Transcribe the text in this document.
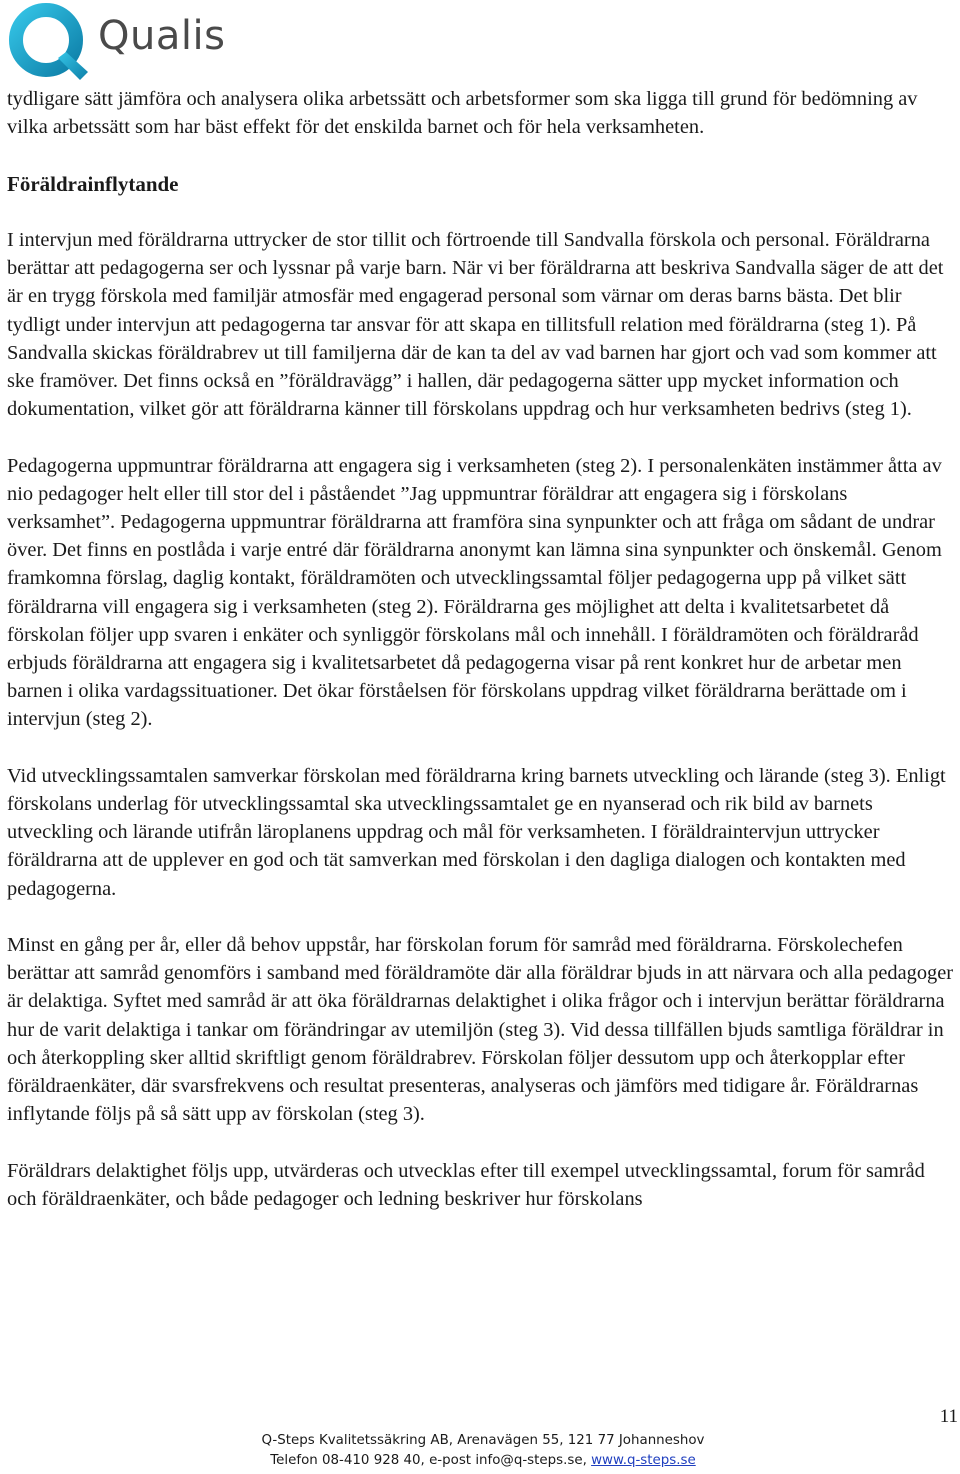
Qualis

tydligare sätt jämföra och analysera olika arbetssätt och arbetsformer som ska ligga till grund för bedömning av vilka arbetssätt som har bäst effekt för det enskilda barnet och för hela verksamheten.

Föräldrainflytande

I intervjun med föräldrarna uttrycker de stor tillit och förtroende till Sandvalla förskola och personal. Föräldrarna berättar att pedagogerna ser och lyssnar på varje barn. När vi ber föräldrarna att beskriva Sandvalla säger de att det är en trygg förskola med familjär atmosfär med engagerad personal som värnar om deras barns bästa. Det blir tydligt under intervjun att pedagogerna tar ansvar för att skapa en tillitsfull relation med föräldrarna (steg 1). På Sandvalla skickas föräldrabrev ut till familjerna där de kan ta del av vad barnen har gjort och vad som kommer att ske framöver. Det finns också en ”föräldravägg” i hallen, där pedagogerna sätter upp mycket information och dokumentation, vilket gör att föräldrarna känner till förskolans uppdrag och hur verksamheten bedrivs (steg 1).

Pedagogerna uppmuntrar föräldrarna att engagera sig i verksamheten (steg 2). I personalenkäten instämmer åtta av nio pedagoger helt eller till stor del i påståendet ”Jag uppmuntrar föräldrar att engagera sig i förskolans verksamhet”. Pedagogerna uppmuntrar föräldrarna att framföra sina synpunkter och att fråga om sådant de undrar över. Det finns en postlåda i varje entré där föräldrarna anonymt kan lämna sina synpunkter och önskemål. Genom framkomna förslag, daglig kontakt, föräldramöten och utvecklingssamtal följer pedagogerna upp på vilket sätt föräldrarna vill engagera sig i verksamheten (steg 2). Föräldrarna ges möjlighet att delta i kvalitetsarbetet då förskolan följer upp svaren i enkäter och synliggör förskolans mål och innehåll. I föräldramöten och föräldraråd erbjuds föräldrarna att engagera sig i kvalitetsarbetet då pedagogerna visar på rent konkret hur de arbetar men barnen i olika vardagssituationer. Det ökar förståelsen för förskolans uppdrag vilket föräldrarna berättade om i intervjun (steg 2).

Vid utvecklingssamtalen samverkar förskolan med föräldrarna kring barnets utveckling och lärande (steg 3). Enligt förskolans underlag för utvecklingssamtal ska utvecklingssamtalet ge en nyanserad och rik bild av barnets utveckling och lärande utifrån läroplanens uppdrag och mål för verksamheten. I föräldraintervjun uttrycker föräldrarna att de upplever en god och tät samverkan med förskolan i den dagliga dialogen och kontakten med pedagogerna.

Minst en gång per år, eller då behov uppstår, har förskolan forum för samråd med föräldrarna. Förskolechefen berättar att samråd genomförs i samband med föräldramöte där alla föräldrar bjuds in att närvara och alla pedagoger är delaktiga. Syftet med samråd är att öka föräldrarnas delaktighet i olika frågor och i intervjun berättar föräldrarna hur de varit delaktiga i tankar om förändringar av utemiljön (steg 3). Vid dessa tillfällen bjuds samtliga föräldrar in och återkoppling sker alltid skriftligt genom föräldrabrev. Förskolan följer dessutom upp och återkopplar efter föräldraenkäter, där svarsfrekvens och resultat presenteras, analyseras och jämförs med tidigare år. Föräldrarnas inflytande följs på så sätt upp av förskolan (steg 3).

Föräldrars delaktighet följs upp, utvärderas och utvecklas efter till exempel utvecklingssamtal, forum för samråd och föräldraenkäter, och både pedagoger och ledning beskriver hur förskolans

11
Q-Steps Kvalitetssäkring AB, Arenavägen 55, 121 77 Johanneshov
Telefon 08-410 928 40, e-post info@q-steps.se, www.q-steps.se
